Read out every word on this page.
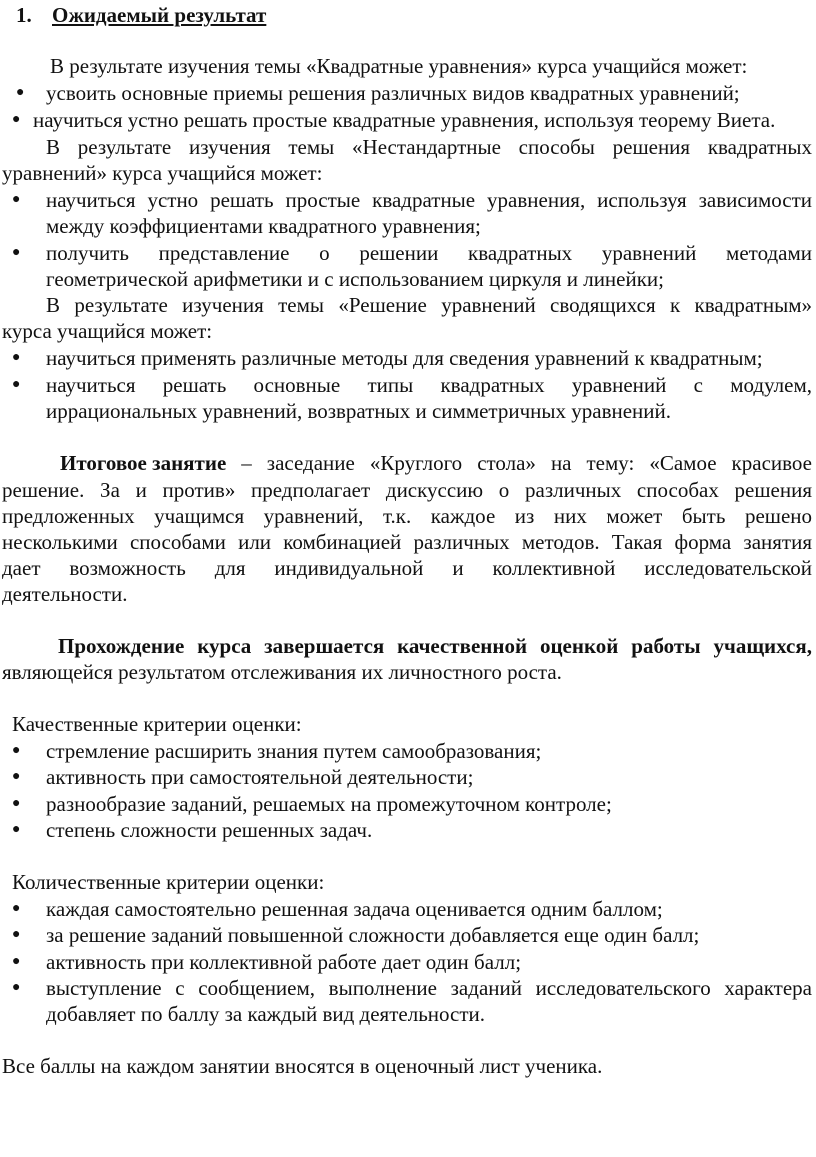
1. Ожидаемый результат
В результате изучения темы «Квадратные уравнения» курса учащийся может:
● усвоить основные приемы решения различных видов квадратных уравнений;
● научиться устно решать простые квадратные уравнения, используя теорему Виета.
В результате изучения темы «Нестандартные способы решения квадратных
уравнений» курса учащийся может:
● научиться устно решать простые квадратные уравнения, используя зависимости
между коэффициентами квадратного уравнения;
● получить представление о решении квадратных уравнений методами
геометрической арифметики и с использованием циркуля и линейки;
В результате изучения темы «Решение уравнений сводящихся к квадратным»
курса учащийся может:
● научиться применять различные методы для сведения уравнений к квадратным;
● научиться решать основные типы квадратных уравнений с модулем,
иррациональных уравнений, возвратных и симметричных уравнений.
Итоговое занятие – заседание «Круглого стола» на тему: «Самое красивое
решение. За и против» предполагает дискуссию о различных способах решения
предложенных учащимся уравнений, т.к. каждое из них может быть решено
несколькими способами или комбинацией различных методов. Такая форма занятия
дает возможность для индивидуальной и коллективной исследовательской
деятельности.
Прохождение курса завершается качественной оценкой работы учащихся,
являющейся результатом отслеживания их личностного роста.
Качественные критерии оценки:
● стремление расширить знания путем самообразования;
● активность при самостоятельной деятельности;
● разнообразие заданий, решаемых на промежуточном контроле;
● степень сложности решенных задач.
Количественные критерии оценки:
● каждая самостоятельно решенная задача оценивается одним баллом;
● за решение заданий повышенной сложности добавляется еще один балл;
● активность при коллективной работе дает один балл;
● выступление с сообщением, выполнение заданий исследовательского характера
добавляет по баллу за каждый вид деятельности.
Все баллы на каждом занятии вносятся в оценочный лист ученика.
